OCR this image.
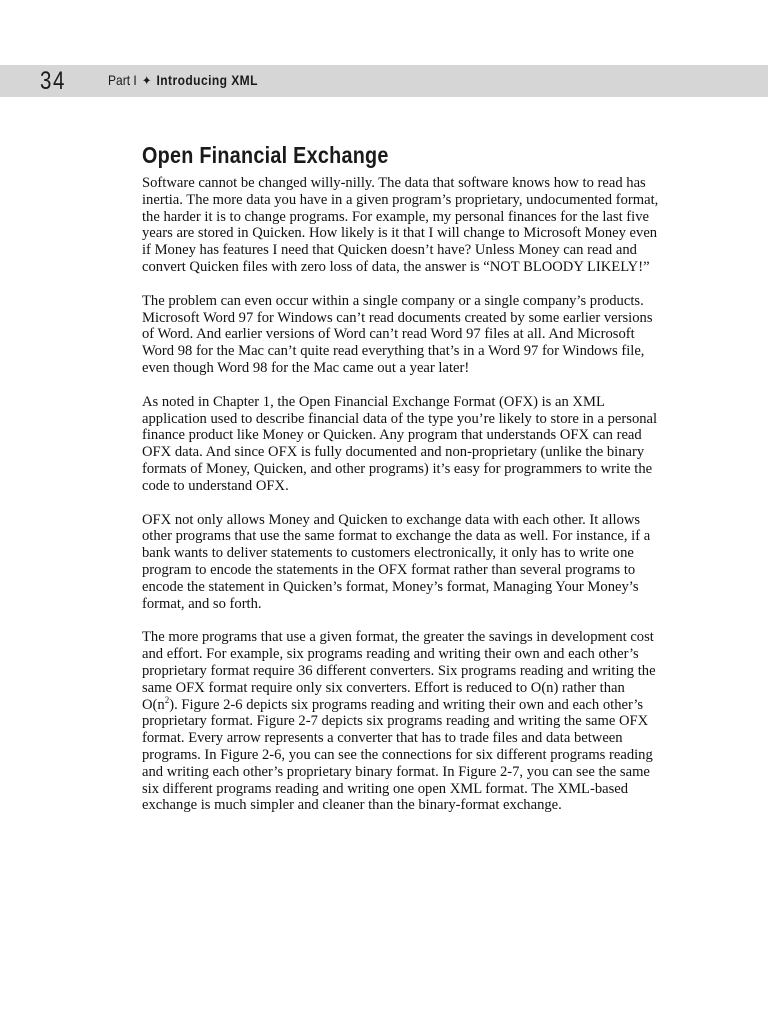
34	Part I ✦ Introducing XML
Open Financial Exchange

Software cannot be changed willy-nilly. The data that software knows how to read has inertia. The more data you have in a given program’s proprietary, undocumented format, the harder it is to change programs. For example, my personal finances for the last five years are stored in Quicken. How likely is it that I will change to Microsoft Money even if Money has features I need that Quicken doesn’t have? Unless Money can read and convert Quicken files with zero loss of data, the answer is “NOT BLOODY LIKELY!”

The problem can even occur within a single company or a single company’s products. Microsoft Word 97 for Windows can’t read documents created by some earlier versions of Word. And earlier versions of Word can’t read Word 97 files at all. And Microsoft Word 98 for the Mac can’t quite read everything that’s in a Word 97 for Windows file, even though Word 98 for the Mac came out a year later!

As noted in Chapter 1, the Open Financial Exchange Format (OFX) is an XML application used to describe financial data of the type you’re likely to store in a personal finance product like Money or Quicken. Any program that understands OFX can read OFX data. And since OFX is fully documented and non-proprietary (unlike the binary formats of Money, Quicken, and other programs) it’s easy for programmers to write the code to understand OFX.

OFX not only allows Money and Quicken to exchange data with each other. It allows other programs that use the same format to exchange the data as well. For instance, if a bank wants to deliver statements to customers electronically, it only has to write one program to encode the statements in the OFX format rather than several programs to encode the statement in Quicken’s format, Money’s format, Managing Your Money’s format, and so forth.

The more programs that use a given format, the greater the savings in development cost and effort. For example, six programs reading and writing their own and each other’s proprietary format require 36 different converters. Six programs reading and writing the same OFX format require only six converters. Effort is reduced to O(n) rather than $O(n^2)$. Figure 2-6 depicts six programs reading and writing their own and each other’s proprietary format. Figure 2-7 depicts six programs reading and writing the same OFX format. Every arrow represents a converter that has to trade files and data between programs. In Figure 2-6, you can see the connections for six different programs reading and writing each other’s proprietary binary format. In Figure 2-7, you can see the same six different programs reading and writing one open XML format. The XML-based exchange is much simpler and cleaner than the binary-format exchange.
